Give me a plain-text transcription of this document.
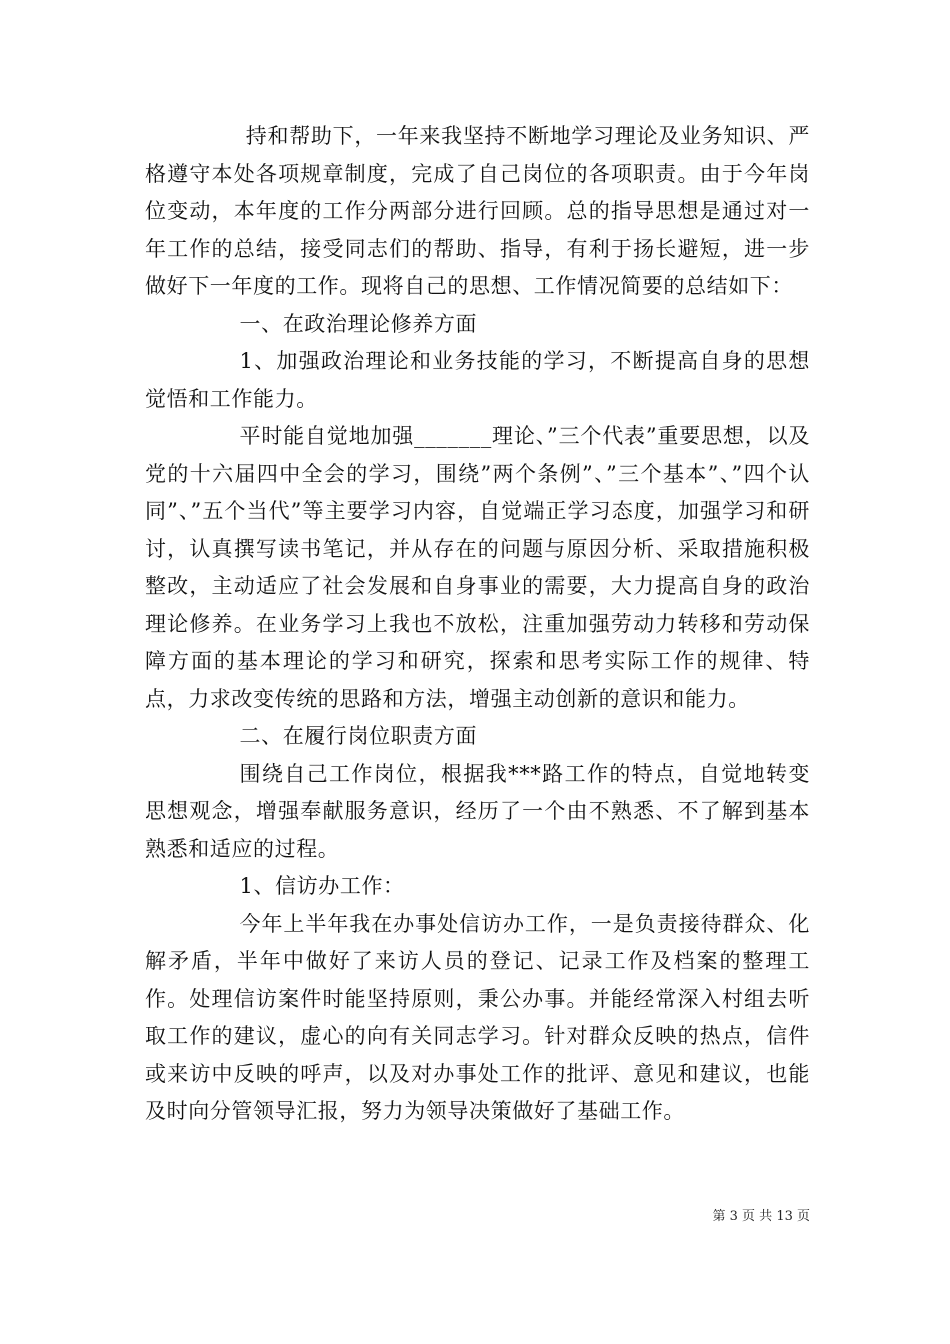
持和帮助下，一年来我坚持不断地学习理论及业务知识、严格遵守本处各项规章制度，完成了自己岗位的各项职责。由于今年岗位变动，本年度的工作分两部分进行回顾。总的指导思想是通过对一年工作的总结，接受同志们的帮助、指导，有利于扬长避短，进一步做好下一年度的工作。现将自己的思想、工作情况简要的总结如下：

一、在政治理论修养方面

1、加强政治理论和业务技能的学习，不断提高自身的思想觉悟和工作能力。

平时能自觉地加强_______理论、”三个代表”重要思想，以及党的十六届四中全会的学习，围绕”两个条例”、”三个基本”、”四个认同”、”五个当代”等主要学习内容，自觉端正学习态度，加强学习和研讨，认真撰写读书笔记，并从存在的问题与原因分析、采取措施积极整改，主动适应了社会发展和自身事业的需要，大力提高自身的政治理论修养。在业务学习上我也不放松，注重加强劳动力转移和劳动保障方面的基本理论的学习和研究，探索和思考实际工作的规律、特点，力求改变传统的思路和方法，增强主动创新的意识和能力。

二、在履行岗位职责方面

围绕自己工作岗位，根据我***路工作的特点，自觉地转变思想观念，增强奉献服务意识，经历了一个由不熟悉、不了解到基本熟悉和适应的过程。

1、信访办工作：

今年上半年我在办事处信访办工作，一是负责接待群众、化解矛盾，半年中做好了来访人员的登记、记录工作及档案的整理工作。处理信访案件时能坚持原则，秉公办事。并能经常深入村组去听取工作的建议，虚心的向有关同志学习。针对群众反映的热点，信件或来访中反映的呼声，以及对办事处工作的批评、意见和建议，也能及时向分管领导汇报，努力为领导决策做好了基础工作。

第 3 页 共 13 页
